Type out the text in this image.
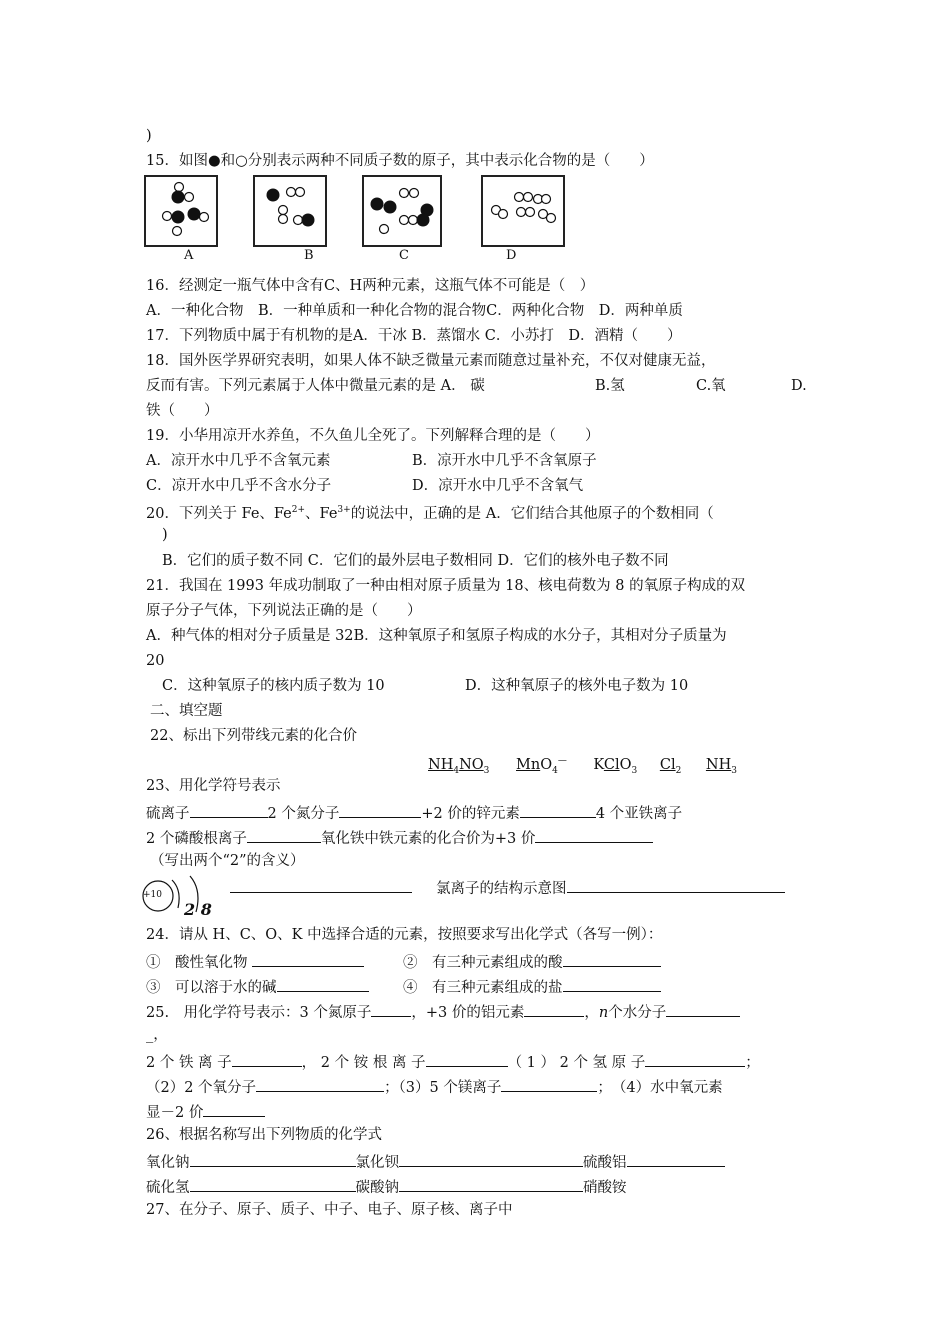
)
15．如图●和○分别表示两种不同质子数的原子，其中表示化合物的是（　　）
A	B	C	D
16．经测定一瓶气体中含有C、H两种元素，这瓶气体不可能是（　）
A．一种化合物　B．一种单质和一种化合物的混合物C．两种化合物　D．两种单质
17．下列物质中属于有机物的是A．干冰 B．蒸馏水 C．小苏打　D．酒精（　　）
18．国外医学界研究表明，如果人体不缺乏微量元素而随意过量补充，不仅对健康无益，
反而有害。下列元素属于人体中微量元素的是 A． 碳	B.氢	C.氧	D.
铁（　　）
19．小华用凉开水养鱼，不久鱼儿全死了。下列解释合理的是（　　）
A．凉开水中几乎不含氧元素	B．凉开水中几乎不含氧原子
C．凉开水中几乎不含水分子	D．凉开水中几乎不含氧气
20．下列关于 Fe、$Fe^{2+}$、$Fe^{3+}$的说法中，正确的是 A．它们结合其他原子的个数相同（
)
B．它们的质子数不同 C．它们的最外层电子数相同 D．它们的核外电子数不同
21．我国在 1993 年成功制取了一种由相对原子质量为 18、核电荷数为 8 的氧原子构成的双
原子分子气体，下列说法正确的是（　　）
A．种气体的相对分子质量是 32B．这种氧原子和氢原子构成的水分子，其相对分子质量为
20
C．这种氧原子的核内质子数为 10	D．这种氧原子的核外电子数为 10
二、填空题
22、标出下列带线元素的化合价
$NH_4NO_3$ MnO$_4$— KClO$_3$ $Cl_2$ $NH_3$
23、用化学符号表示
硫离子	2 个氮分子	+2 价的锌元素	4 个亚铁离子
2 个磷酸根离子	氧化铁中铁元素的化合价为+3 价
（写出两个“2”的含义）
+10
2 8
氯离子的结构示意图
24．请从 H、C、O、K 中选择合适的元素，按照要求写出化学式（各写一例）：
①　酸性氧化物	②　有三种元素组成的酸
③　可以溶于水的碱	④　有三种元素组成的盐
25.　用化学符号表示：3 个氮原子	，+3 价的铝元素	，n个水分子
_，
2 个 铁 离 子	， 2 个 铵 根 离 子	（ 1 ） 2 个 氢 原 子	；
（2）2 个氧分子	；（3）5 个镁离子	；　（4）水中氧元素
显－2 价
26、根据名称写出下列物质的化学式
氧化钠	氯化钡	硫酸铝
硫化氢	碳酸钠	硝酸铵
27、在分子、原子、质子、中子、电子、原子核、离子中
